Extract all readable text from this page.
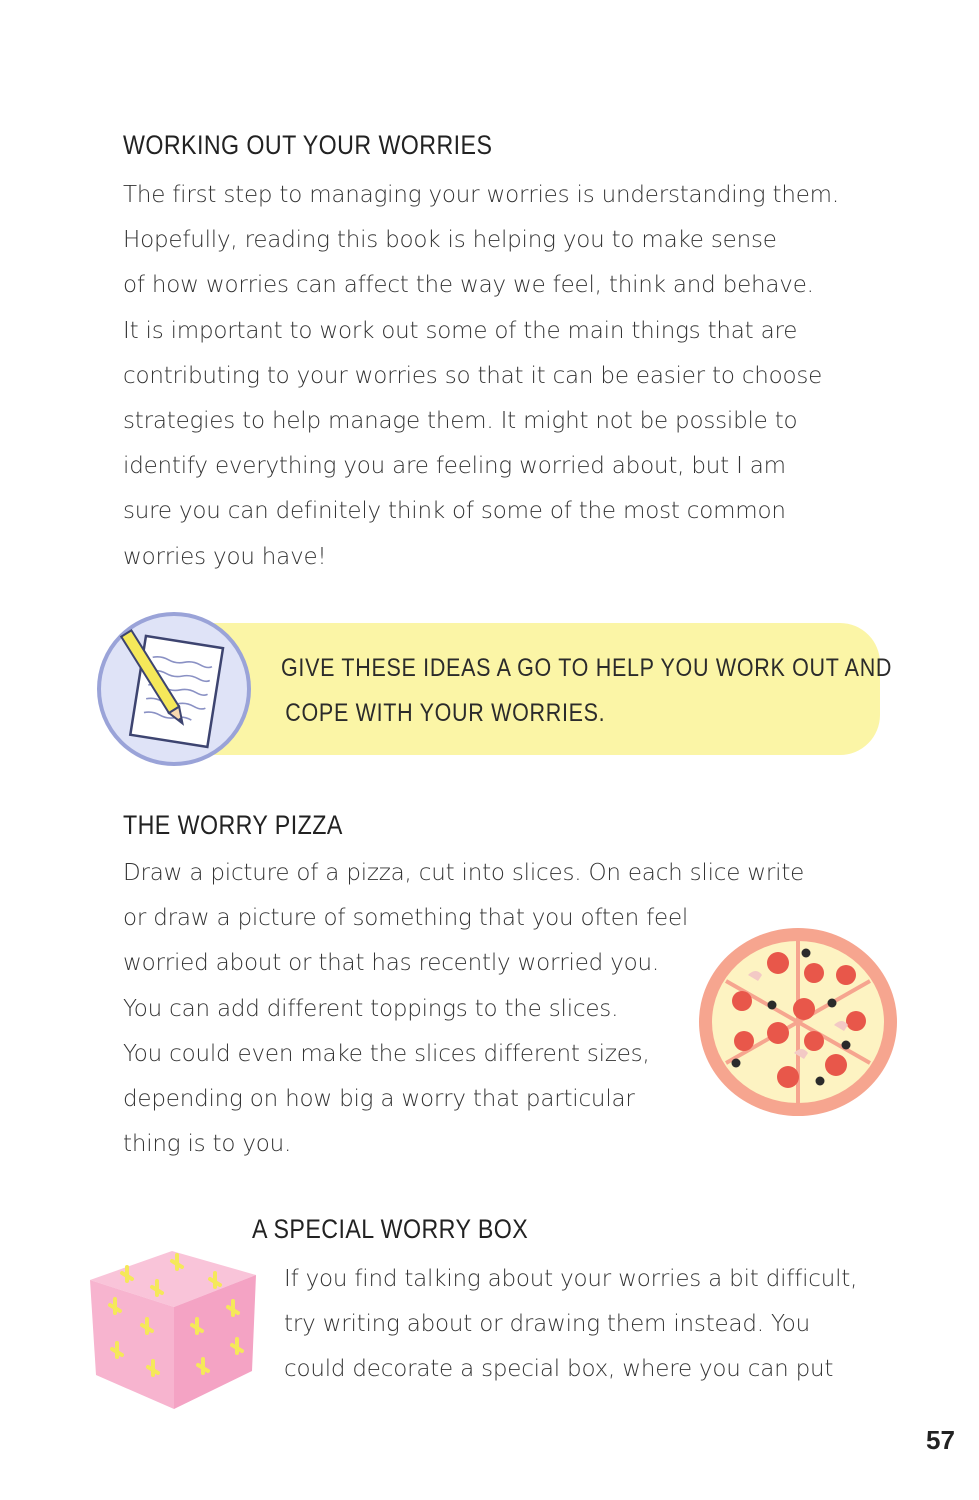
WORKING OUT YOUR WORRIES

The first step to managing your worries is understanding them.
Hopefully, reading this book is helping you to make sense
of how worries can affect the way we feel, think and behave.
It is important to work out some of the main things that are
contributing to your worries so that it can be easier to choose
strategies to help manage them. It might not be possible to
identify everything you are feeling worried about, but I am
sure you can definitely think of some of the most common
worries you have!

GIVE THESE IDEAS A GO TO HELP YOU WORK OUT AND
COPE WITH YOUR WORRIES.

THE WORRY PIZZA

Draw a picture of a pizza, cut into slices. On each slice write
or draw a picture of something that you often feel
worried about or that has recently worried you.
You can add different toppings to the slices.
You could even make the slices different sizes,
depending on how big a worry that particular
thing is to you.

A SPECIAL WORRY BOX

If you find talking about your worries a bit difficult,
try writing about or drawing them instead. You
could decorate a special box, where you can put

57
